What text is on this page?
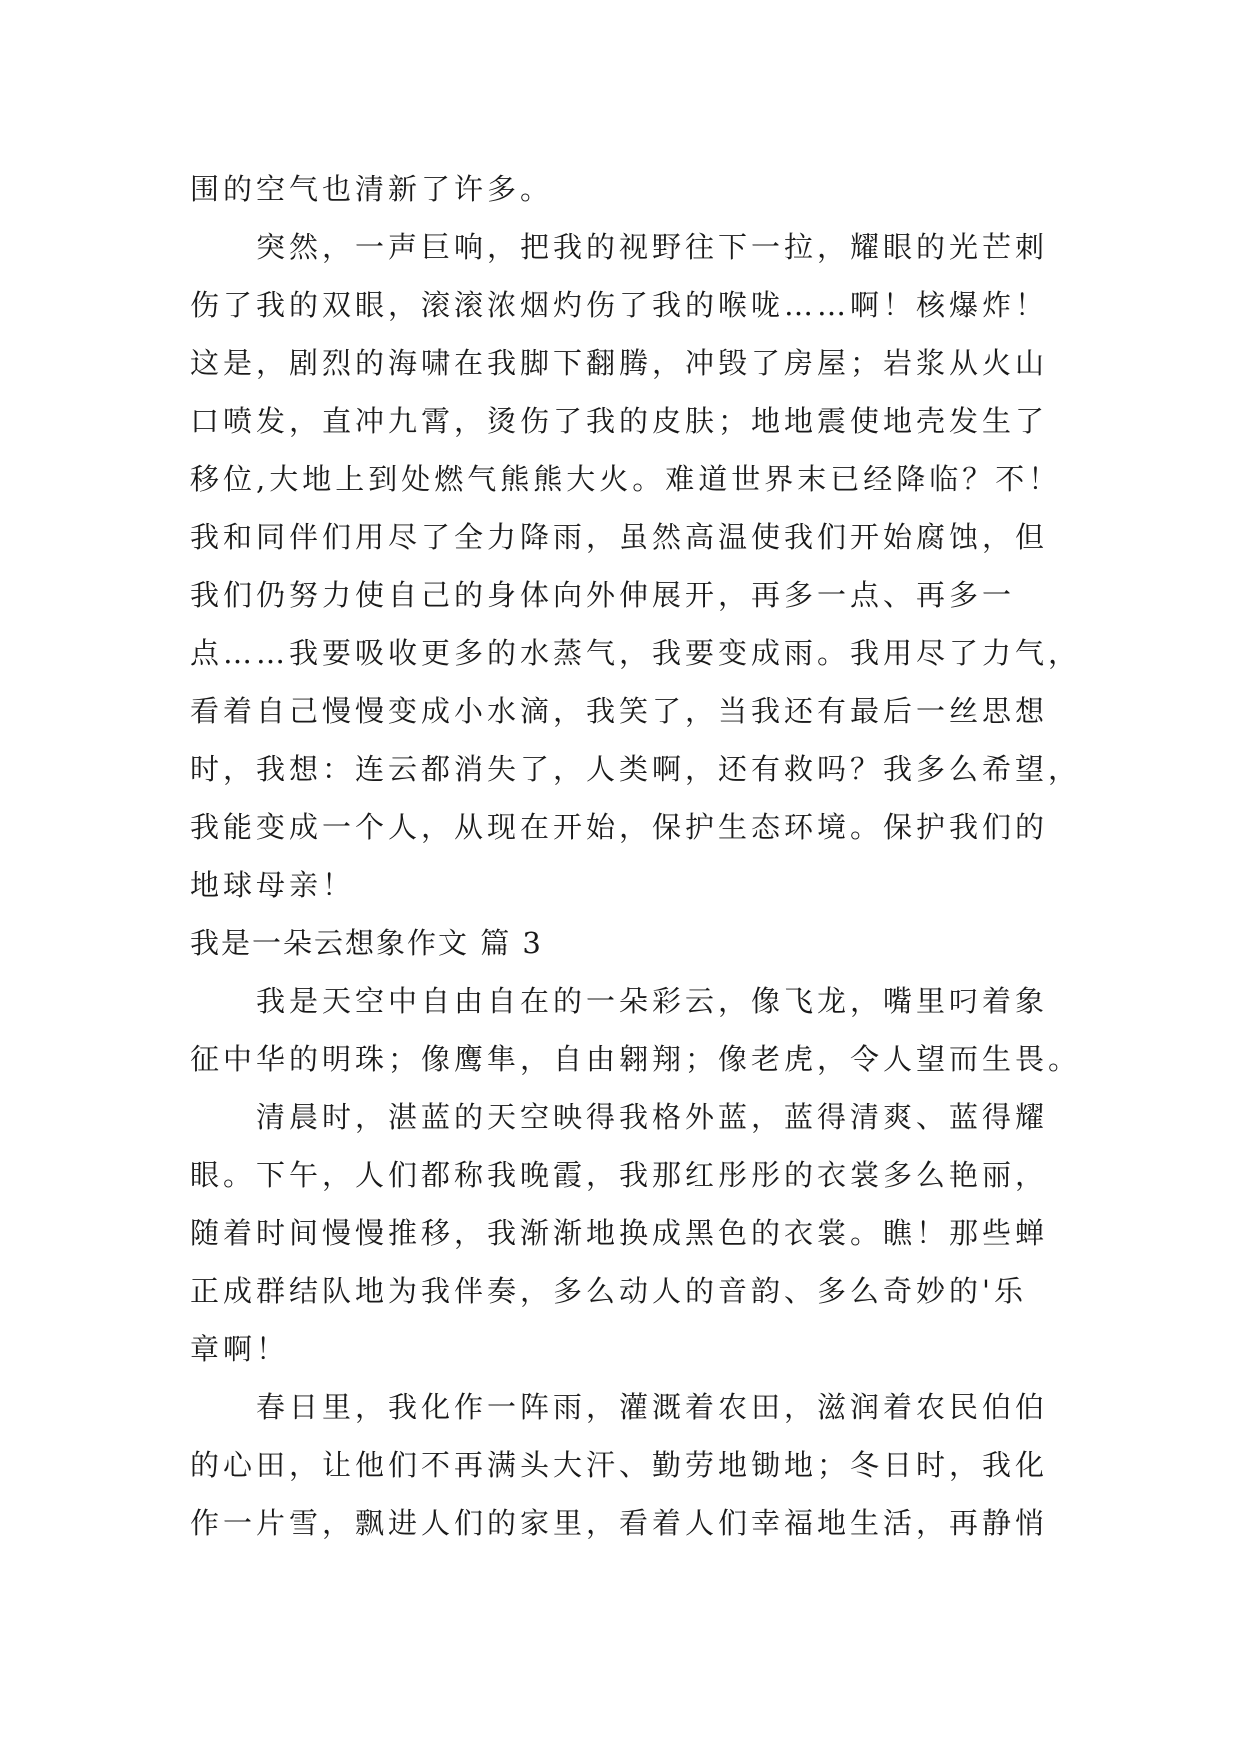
围的空气也清新了许多。
　　突然，一声巨响，把我的视野往下一拉，耀眼的光芒刺
伤了我的双眼，滚滚浓烟灼伤了我的喉咙……啊！核爆炸！
这是，剧烈的海啸在我脚下翻腾，冲毁了房屋；岩浆从火山
口喷发，直冲九霄，烫伤了我的皮肤；地地震使地壳发生了
移位,大地上到处燃气熊熊大火。难道世界末已经降临？不！
我和同伴们用尽了全力降雨，虽然高温使我们开始腐蚀，但
我们仍努力使自己的身体向外伸展开，再多一点、再多一
点……我要吸收更多的水蒸气，我要变成雨。我用尽了力气，
看着自己慢慢变成小水滴，我笑了，当我还有最后一丝思想
时，我想：连云都消失了，人类啊，还有救吗？我多么希望，
我能变成一个人，从现在开始，保护生态环境。保护我们的
地球母亲！
我是一朵云想象作文 篇 3
　　我是天空中自由自在的一朵彩云，像飞龙，嘴里叼着象
征中华的明珠；像鹰隼，自由翱翔；像老虎，令人望而生畏。
　　清晨时，湛蓝的天空映得我格外蓝，蓝得清爽、蓝得耀
眼。下午，人们都称我晚霞，我那红彤彤的衣裳多么艳丽，
随着时间慢慢推移，我渐渐地换成黑色的衣裳。瞧！那些蝉
正成群结队地为我伴奏，多么动人的音韵、多么奇妙的'乐
章啊！
　　春日里，我化作一阵雨，灌溉着农田，滋润着农民伯伯
的心田，让他们不再满头大汗、勤劳地锄地；冬日时，我化
作一片雪，飘进人们的家里，看着人们幸福地生活，再静悄
